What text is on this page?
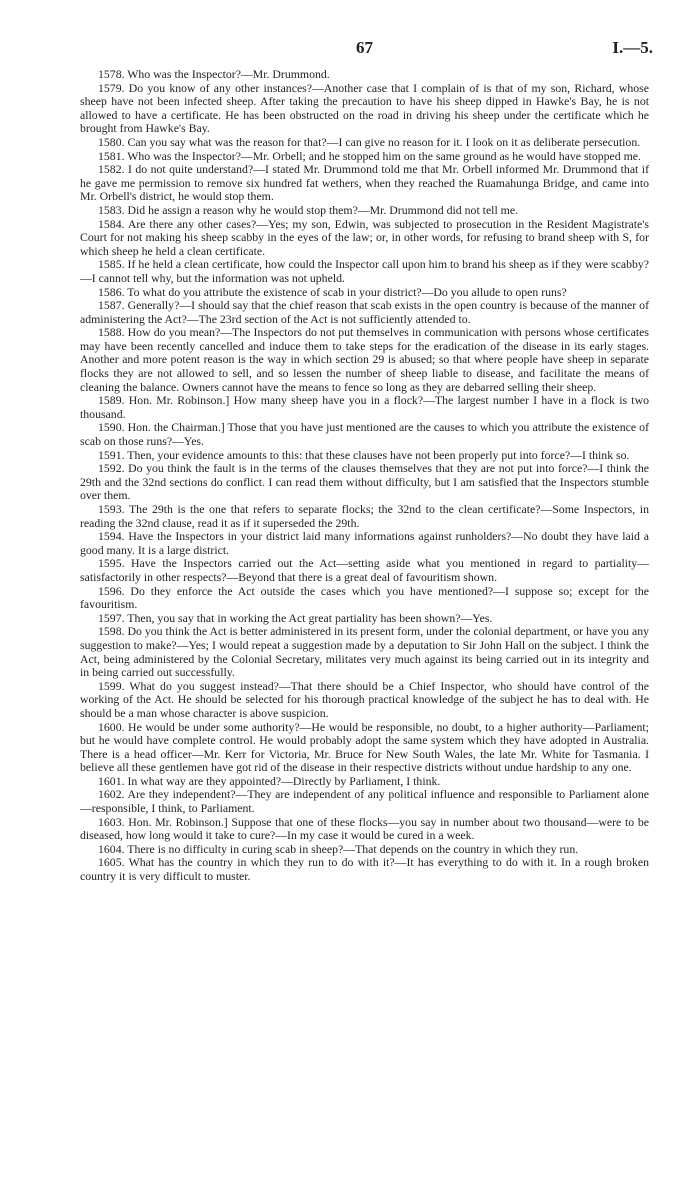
67	I.—5.

1578. Who was the Inspector?—Mr. Drummond.

1579. Do you know of any other instances?—Another case that I complain of is that of my son, Richard, whose sheep have not been infected sheep. After taking the precaution to have his sheep dipped in Hawke's Bay, he is not allowed to have a certificate. He has been obstructed on the road in driving his sheep under the certificate which he brought from Hawke's Bay.

1580. Can you say what was the reason for that?—I can give no reason for it. I look on it as deliberate persecution.

1581. Who was the Inspector?—Mr. Orbell; and he stopped him on the same ground as he would have stopped me.

1582. I do not quite understand?—I stated Mr. Drummond told me that Mr. Orbell informed Mr. Drummond that if he gave me permission to remove six hundred fat wethers, when they reached the Ruamahunga Bridge, and came into Mr. Orbell's district, he would stop them.

1583. Did he assign a reason why he would stop them?—Mr. Drummond did not tell me.

1584. Are there any other cases?—Yes; my son, Edwin, was subjected to prosecution in the Resident Magistrate's Court for not making his sheep scabby in the eyes of the law; or, in other words, for refusing to brand sheep with S, for which sheep he held a clean certificate.

1585. If he held a clean certificate, how could the Inspector call upon him to brand his sheep as if they were scabby?—I cannot tell why, but the information was not upheld.

1586. To what do you attribute the existence of scab in your district?—Do you allude to open runs?

1587. Generally?—I should say that the chief reason that scab exists in the open country is because of the manner of administering the Act?—The 23rd section of the Act is not sufficiently attended to.

1588. How do you mean?—The Inspectors do not put themselves in communication with persons whose certificates may have been recently cancelled and induce them to take steps for the eradication of the disease in its early stages. Another and more potent reason is the way in which section 29 is abused; so that where people have sheep in separate flocks they are not allowed to sell, and so lessen the number of sheep liable to disease, and facilitate the means of cleaning the balance. Owners cannot have the means to fence so long as they are debarred selling their sheep.

1589. Hon. Mr. Robinson.] How many sheep have you in a flock?—The largest number I have in a flock is two thousand.

1590. Hon. the Chairman.] Those that you have just mentioned are the causes to which you attribute the existence of scab on those runs?—Yes.

1591. Then, your evidence amounts to this: that these clauses have not been properly put into force?—I think so.

1592. Do you think the fault is in the terms of the clauses themselves that they are not put into force?—I think the 29th and the 32nd sections do conflict. I can read them without difficulty, but I am satisfied that the Inspectors stumble over them.

1593. The 29th is the one that refers to separate flocks; the 32nd to the clean certificate?—Some Inspectors, in reading the 32nd clause, read it as if it superseded the 29th.

1594. Have the Inspectors in your district laid many informations against runholders?—No doubt they have laid a good many. It is a large district.

1595. Have the Inspectors carried out the Act—setting aside what you mentioned in regard to partiality—satisfactorily in other respects?—Beyond that there is a great deal of favouritism shown.

1596. Do they enforce the Act outside the cases which you have mentioned?—I suppose so; except for the favouritism.

1597. Then, you say that in working the Act great partiality has been shown?—Yes.

1598. Do you think the Act is better administered in its present form, under the colonial department, or have you any suggestion to make?—Yes; I would repeat a suggestion made by a deputation to Sir John Hall on the subject. I think the Act, being administered by the Colonial Secretary, militates very much against its being carried out in its integrity and in being carried out successfully.

1599. What do you suggest instead?—That there should be a Chief Inspector, who should have control of the working of the Act. He should be selected for his thorough practical knowledge of the subject he has to deal with. He should be a man whose character is above suspicion.

1600. He would be under some authority?—He would be responsible, no doubt, to a higher authority—Parliament; but he would have complete control. He would probably adopt the same system which they have adopted in Australia. There is a head officer—Mr. Kerr for Victoria, Mr. Bruce for New South Wales, the late Mr. White for Tasmania. I believe all these gentlemen have got rid of the disease in their respective districts without undue hardship to any one.

1601. In what way are they appointed?—Directly by Parliament, I think.

1602. Are they independent?—They are independent of any political influence and responsible to Parliament alone—responsible, I think, to Parliament.

1603. Hon. Mr. Robinson.] Suppose that one of these flocks—you say in number about two thousand—were to be diseased, how long would it take to cure?—In my case it would be cured in a week.

1604. There is no difficulty in curing scab in sheep?—That depends on the country in which they run.

1605. What has the country in which they run to do with it?—It has everything to do with it. In a rough broken country it is very difficult to muster.
